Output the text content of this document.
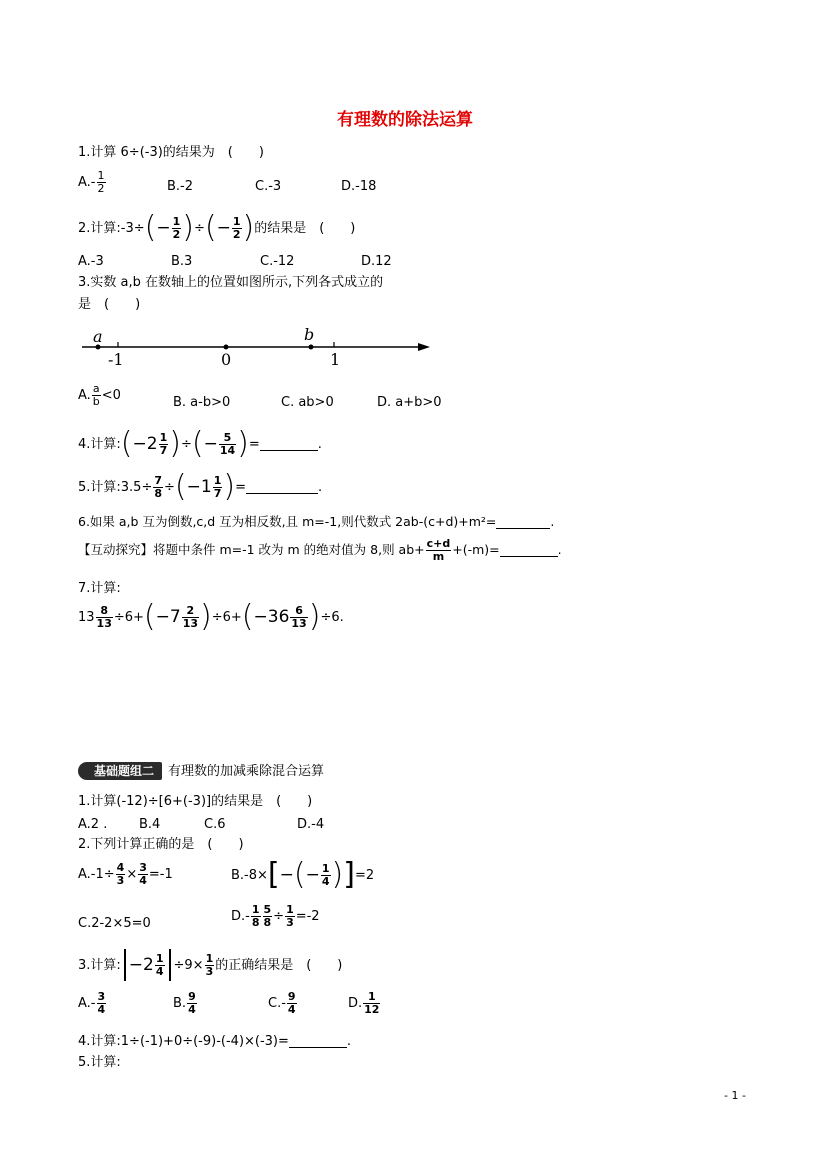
有理数的除法运算
1.计算 6÷(-3)的结果为　(　　)
$A.- \frac{1}{2}$	B.-2	C.-3	D.-18
2.计算:-3÷ ( − $\frac{1}{2}$ ) ÷ ( − $\frac{1}{2}$ ) 的结果是　(　　)
A.-3	B.3	C.-12	D.12
3.实数 a,b 在数轴上的位置如图所示,下列各式成立的
是　(　　)
a	b
-1	0	1
A. $\frac{a}{b} <0$	B. a-b>0	C. ab>0	D. a+b>0
4.计算: ( $-2 \frac{1}{7}$ ) ÷ ( − $\frac{5}{14}$ ) =	.
5.计算:3.5÷ $\frac{7}{8}$ ÷ ( $-1 \frac{1}{7}$ ) =	.
6.如果 a,b 互为倒数,c,d 互为相反数,且 m=-1,则代数式 2ab-(c+d)+m²=	.
【互动探究】将题中条件 m=-1 改为 m 的绝对值为 8,则 $ab+ \frac{c+d}{m} +(-m)=$	.
7.计算:
$13 \frac{8}{13} \div 6+$ ( $-7 \frac{2}{13}$ ) ÷6+ ( $-36 \frac{6}{13}$ ) ÷6.
基础题组二	有理数的加减乘除混合运算
1.计算(-12)÷[6+(-3)]的结果是　(　　)
A.2 . B.4	C.6	D.-4
2.下列计算正确的是　(　　)
$A.-1\div \frac{4}{3} \times \frac{3}{4} =-1$	B.-8× [ − ( − $\frac{1}{4}$ ) ] =2
C.2-2×5=0	$D.- \frac{1}{8} \frac{5}{8} \div \frac{1}{3} =-2$
3.计算: $-2 \frac{1}{4} \div 9\times \frac{1}{3}$ 的正确结果是　(　　)
$A.- \frac{3}{4}$	B. $\frac{9}{4}$	$C.- \frac{9}{4}$	D. $\frac{1}{12}$
4.计算:1÷(-1)+0÷(-9)-(-4)×(-3)=	.
5.计算:
- 1 -
